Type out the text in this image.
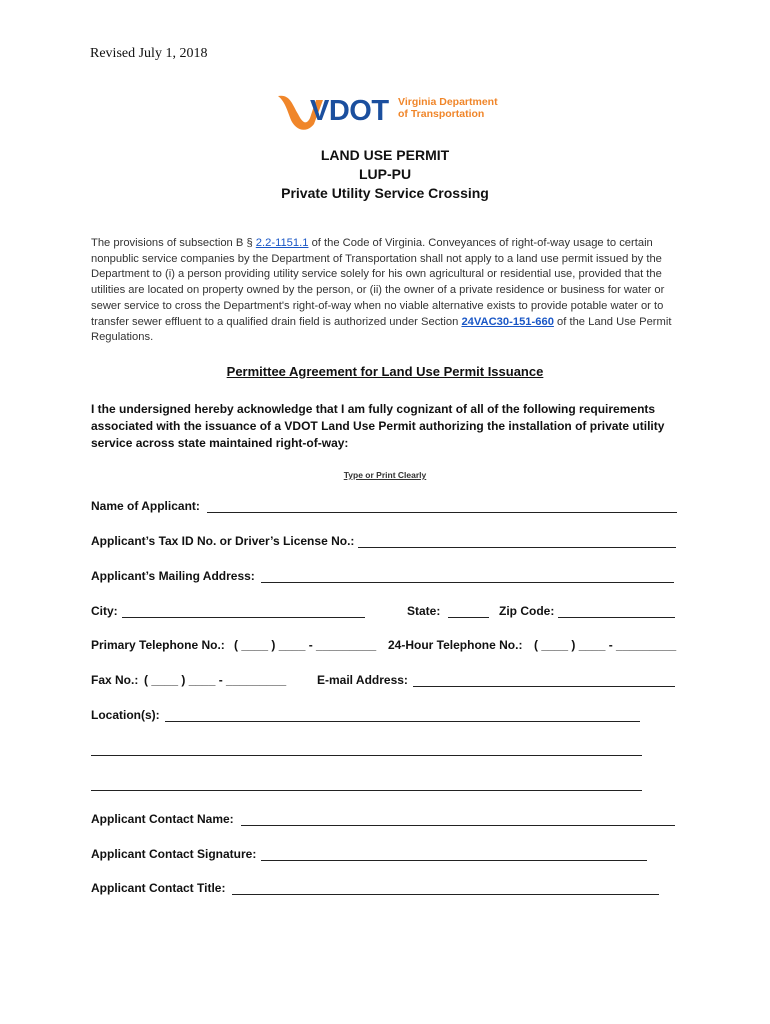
Revised July 1, 2018
VDOT Virginia Department
of Transportation
LAND USE PERMIT
LUP-PU
Private Utility Service Crossing
The provisions of subsection B § 2.2-1151.1 of the Code of Virginia. Conveyances of right-of-way usage to certain nonpublic service companies by the Department of Transportation shall not apply to a land use permit issued by the Department to (i) a person providing utility service solely for his own agricultural or residential use, provided that the utilities are located on property owned by the person, or (ii) the owner of a private residence or business for water or sewer service to cross the Department's right-of-way when no viable alternative exists to provide potable water or to transfer sewer effluent to a qualified drain field is authorized under Section 24VAC30-151-660 of the Land Use Permit Regulations.
Permittee Agreement for Land Use Permit Issuance
I the undersigned hereby acknowledge that I am fully cognizant of all of the following requirements associated with the issuance of a VDOT Land Use Permit authorizing the installation of private utility service across state maintained right-of-way:
Type or Print Clearly
Name of Applicant:
Applicant’s Tax ID No. or Driver’s License No.:
Applicant’s Mailing Address:
City:	State:	Zip Code:
Primary Telephone No.: ( ____ ) ____ - _________ 24-Hour Telephone No.: ( ____ ) ____ - _________
Fax No.: ( ____ ) ____ - _________	E-mail Address:
Location(s):
Applicant Contact Name:
Applicant Contact Signature:
Applicant Contact Title:
